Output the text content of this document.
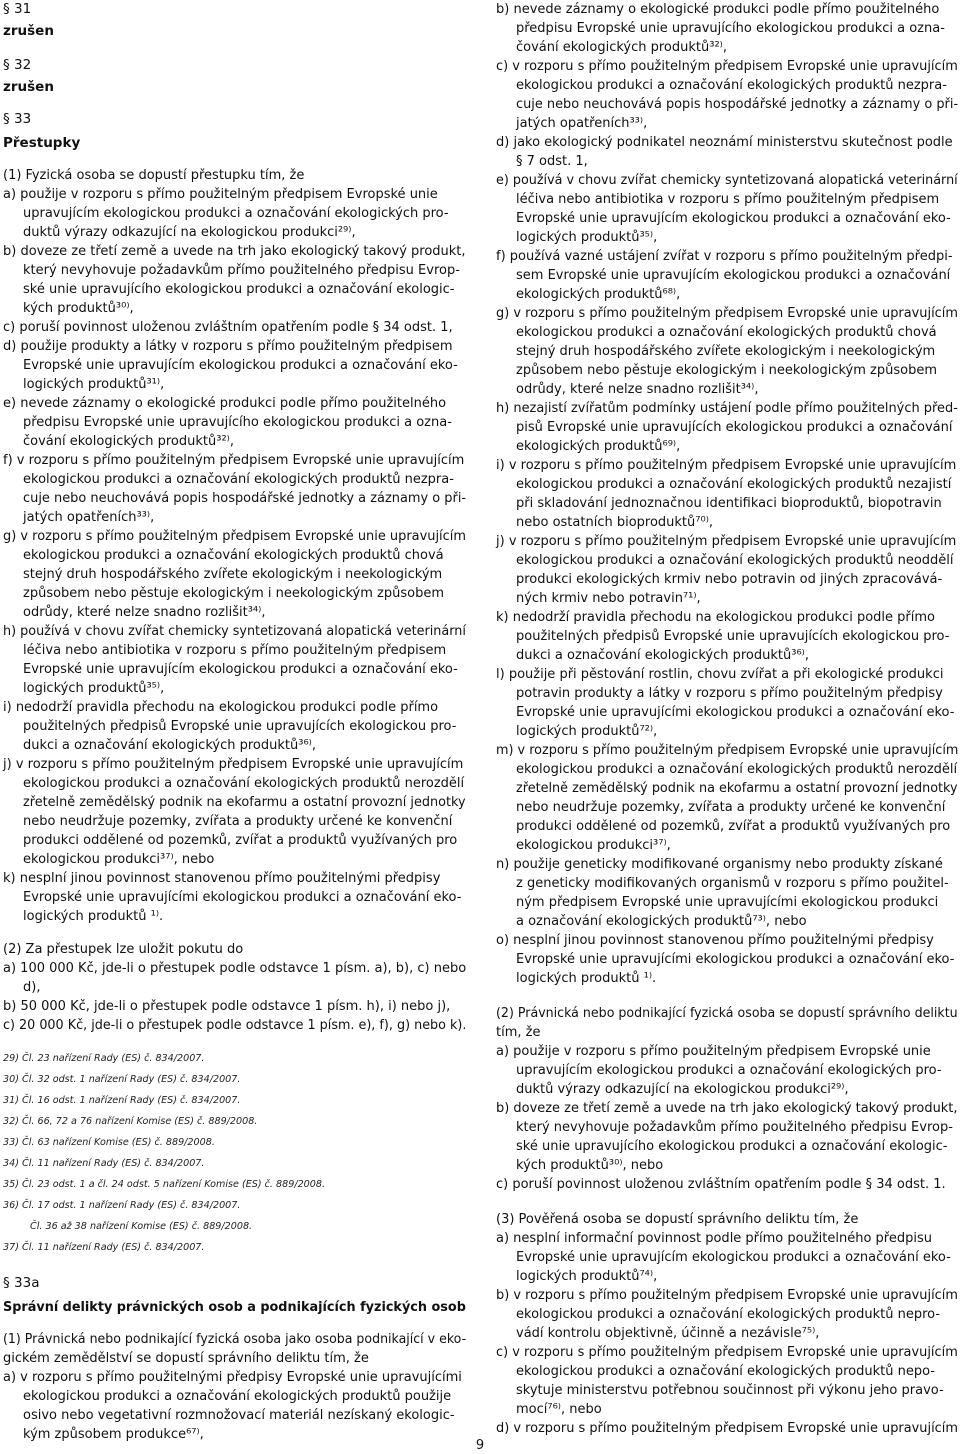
§ 31
zrušen
§ 32
zrušen
§ 33
Přestupky
(1) Fyzická osoba se dopustí přestupku tím, že
a) použije v rozporu s přímo použitelným předpisem Evropské unie
upravujícím ekologickou produkci a označování ekologických pro-
duktů výrazy odkazující na ekologickou produkci²⁹⁾,
b) doveze ze třetí země a uvede na trh jako ekologický takový produkt,
který nevyhovuje požadavkům přímo použitelného předpisu Evrop-
ské unie upravujícího ekologickou produkci a označování ekologic-
kých produktů³⁰⁾,
c) poruší povinnost uloženou zvláštním opatřením podle § 34 odst. 1,
d) použije produkty a látky v rozporu s přímo použitelným předpisem
Evropské unie upravujícím ekologickou produkci a označování eko-
logických produktů³¹⁾,
e) nevede záznamy o ekologické produkci podle přímo použitelného
předpisu Evropské unie upravujícího ekologickou produkci a ozna-
čování ekologických produktů³²⁾,
f) v rozporu s přímo použitelným předpisem Evropské unie upravujícím
ekologickou produkci a označování ekologických produktů nezpra-
cuje nebo neuchovává popis hospodářské jednotky a záznamy o při-
jatých opatřeních³³⁾,
g) v rozporu s přímo použitelným předpisem Evropské unie upravujícím
ekologickou produkci a označování ekologických produktů chová
stejný druh hospodářského zvířete ekologickým i neekologickým
způsobem nebo pěstuje ekologickým i neekologickým způsobem
odrůdy, které nelze snadno rozlišit³⁴⁾,
h) používá v chovu zvířat chemicky syntetizovaná alopatická veterinární
léčiva nebo antibiotika v rozporu s přímo použitelným předpisem
Evropské unie upravujícím ekologickou produkci a označování eko-
logických produktů³⁵⁾,
i) nedodrží pravidla přechodu na ekologickou produkci podle přímo
použitelných předpisů Evropské unie upravujících ekologickou pro-
dukci a označování ekologických produktů³⁶⁾,
j) v rozporu s přímo použitelným předpisem Evropské unie upravujícím
ekologickou produkci a označování ekologických produktů nerozdělí
zřetelně zemědělský podnik na ekofarmu a ostatní provozní jednotky
nebo neudržuje pozemky, zvířata a produkty určené ke konvenční
produkci oddělené od pozemků, zvířat a produktů využívaných pro
ekologickou produkci³⁷⁾, nebo
k) nesplní jinou povinnost stanovenou přímo použitelnými předpisy
Evropské unie upravujícími ekologickou produkci a označování eko-
logických produktů ¹⁾.
(2) Za přestupek lze uložit pokutu do
a) 100 000 Kč, jde-li o přestupek podle odstavce 1 písm. a), b), c) nebo
d),
b) 50 000 Kč, jde-li o přestupek podle odstavce 1 písm. h), i) nebo j),
c) 20 000 Kč, jde-li o přestupek podle odstavce 1 písm. e), f), g) nebo k).
29) Čl. 23 nařízení Rady (ES) č. 834/2007.
30) Čl. 32 odst. 1 nařízení Rady (ES) č. 834/2007.
31) Čl. 16 odst. 1 nařízení Rady (ES) č. 834/2007.
32) Čl. 66, 72 a 76 nařízení Komise (ES) č. 889/2008.
33) Čl. 63 nařízení Komise (ES) č. 889/2008.
34) Čl. 11 nařízení Rady (ES) č. 834/2007.
35) Čl. 23 odst. 1 a čl. 24 odst. 5 nařízení Komise (ES) č. 889/2008.
36) Čl. 17 odst. 1 nařízení Rady (ES) č. 834/2007.
Čl. 36 až 38 nařízení Komise (ES) č. 889/2008.
37) Čl. 11 nařízení Rady (ES) č. 834/2007.
§ 33a
Správní delikty právnických osob a podnikajících fyzických osob
(1) Právnická nebo podnikající fyzická osoba jako osoba podnikající v eko-
gickém zemědělství se dopustí správního deliktu tím, že
a) v rozporu s přímo použitelnými předpisy Evropské unie upravujícími
ekologickou produkci a označování ekologických produktů použije
osivo nebo vegetativní rozmnožovací materiál nezískaný ekologic-
kým způsobem produkce⁶⁷⁾,
b) nevede záznamy o ekologické produkci podle přímo použitelného
předpisu Evropské unie upravujícího ekologickou produkci a ozna-
čování ekologických produktů³²⁾,
c) v rozporu s přímo použitelným předpisem Evropské unie upravujícím
ekologickou produkci a označování ekologických produktů nezpra-
cuje nebo neuchovává popis hospodářské jednotky a záznamy o při-
jatých opatřeních³³⁾,
d) jako ekologický podnikatel neoznámí ministerstvu skutečnost podle
§ 7 odst. 1,
e) používá v chovu zvířat chemicky syntetizovaná alopatická veterinární
léčiva nebo antibiotika v rozporu s přímo použitelným předpisem
Evropské unie upravujícím ekologickou produkci a označování eko-
logických produktů³⁵⁾,
f) používá vazné ustájení zvířat v rozporu s přímo použitelným předpi-
sem Evropské unie upravujícím ekologickou produkci a označování
ekologických produktů⁶⁸⁾,
g) v rozporu s přímo použitelným předpisem Evropské unie upravujícím
ekologickou produkci a označování ekologických produktů chová
stejný druh hospodářského zvířete ekologickým i neekologickým
způsobem nebo pěstuje ekologickým i neekologickým způsobem
odrůdy, které nelze snadno rozlišit³⁴⁾,
h) nezajistí zvířatům podmínky ustájení podle přímo použitelných před-
pisů Evropské unie upravujících ekologickou produkci a označování
ekologických produktů⁶⁹⁾,
i) v rozporu s přímo použitelným předpisem Evropské unie upravujícím
ekologickou produkci a označování ekologických produktů nezajistí
při skladování jednoznačnou identifikaci bioproduktů, biopotravin
nebo ostatních bioproduktů⁷⁰⁾,
j) v rozporu s přímo použitelným předpisem Evropské unie upravujícím
ekologickou produkci a označování ekologických produktů neoddělí
produkci ekologických krmiv nebo potravin od jiných zpracovává-
ných krmiv nebo potravin⁷¹⁾,
k) nedodrží pravidla přechodu na ekologickou produkci podle přímo
použitelných předpisů Evropské unie upravujících ekologickou pro-
dukci a označování ekologických produktů³⁶⁾,
l) použije při pěstování rostlin, chovu zvířat a při ekologické produkci
potravin produkty a látky v rozporu s přímo použitelným předpisy
Evropské unie upravujícími ekologickou produkci a označování eko-
logických produktů⁷²⁾,
m) v rozporu s přímo použitelným předpisem Evropské unie upravujícím
ekologickou produkci a označování ekologických produktů nerozdělí
zřetelně zemědělský podnik na ekofarmu a ostatní provozní jednotky
nebo neudržuje pozemky, zvířata a produkty určené ke konvenční
produkci oddělené od pozemků, zvířat a produktů využívaných pro
ekologickou produkci³⁷⁾,
n) použije geneticky modifikované organismy nebo produkty získané
z geneticky modifikovaných organismů v rozporu s přímo použitel-
ným předpisem Evropské unie upravujícími ekologickou produkci
a označování ekologických produktů⁷³⁾, nebo
o) nesplní jinou povinnost stanovenou přímo použitelnými předpisy
Evropské unie upravujícími ekologickou produkci a označování eko-
logických produktů ¹⁾.
(2) Právnická nebo podnikající fyzická osoba se dopustí správního deliktu
tím, že
a) použije v rozporu s přímo použitelným předpisem Evropské unie
upravujícím ekologickou produkci a označování ekologických pro-
duktů výrazy odkazující na ekologickou produkci²⁹⁾,
b) doveze ze třetí země a uvede na trh jako ekologický takový produkt,
který nevyhovuje požadavkům přímo použitelného předpisu Evrop-
ské unie upravujícího ekologickou produkci a označování ekologic-
kých produktů³⁰⁾, nebo
c) poruší povinnost uloženou zvláštním opatřením podle § 34 odst. 1.
(3) Pověřená osoba se dopustí správního deliktu tím, že
a) nesplní informační povinnost podle přímo použitelného předpisu
Evropské unie upravujícím ekologickou produkci a označování eko-
logických produktů⁷⁴⁾,
b) v rozporu s přímo použitelným předpisem Evropské unie upravujícím
ekologickou produkci a označování ekologických produktů nepro-
vádí kontrolu objektivně, účinně a nezávisle⁷⁵⁾,
c) v rozporu s přímo použitelným předpisem Evropské unie upravujícím
ekologickou produkci a označování ekologických produktů nepo-
skytuje ministerstvu potřebnou součinnost při výkonu jeho pravo-
mocí⁷⁶⁾, nebo
d) v rozporu s přímo použitelným předpisem Evropské unie upravujícím
9
